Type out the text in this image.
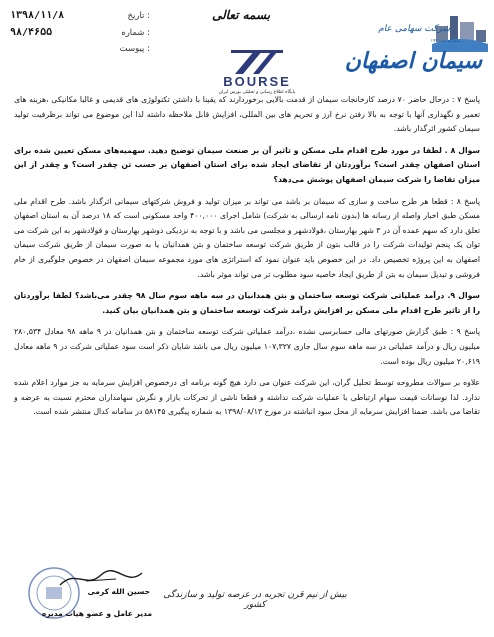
۱۳۹۸/۱۱/۸	تاریخ :
۹۸/۴۶۵۵	شماره :
پیوست :
بسمه تعالی
BOURSE
پایگاه اطلاع رسانی و تحلیلی بورس ایران
شرکت سهامی عام
شماره ثبت ۱۹۴
سیمان اصفهان

پاسخ ۷ : درحال حاضر ۷۰ درصد کارخانجات سیمان از قدمت بالایی برخوردارند که یقینا با داشتن تکنولوژی های قدیمی و غالبا مکانیکی ،هزینه های تعمیر و نگهداری آنها با توجه به بالا رفتن نرخ ارز و تحریم های بین المللی، افزایش قابل ملاحظه داشته لذا این موضوع می تواند برظرفیت تولید سیمان کشور اثرگذار باشد.

سوال ۸ . لطفا در مورد طرح اقدام ملی مسکن و تاثیر آن بر صنعت سیمان توضیح دهید. سهمیه‌های مسکن تعیین شده برای استان اصفهان چقدر است؟ برآوردتان از تقاضای ایجاد شده برای استان اصفهان بر حسب تن چقدر است؟ و چقدر از این میزان تقاضا را شرکت سیمان اصفهان پوشش می‌دهد؟

پاسخ ۸ : قطعا هر طرح ساخت و سازی که سیمان بر باشد می تواند بر میزان تولید و فروش شرکتهای سیمانی اثرگذار باشد. طرح اقدام ملی مسکن طبق اخبار واصله از رسانه ها (بدون نامه ارسالی به شرکت) شامل اجرای ۴۰۰,۰۰۰ واحد مسکونی است که ۱۸ درصد آن به استان اصفهان تعلق دارد که سهم عمده آن در ۳ شهر بهارستان ،فولادشهر و مجلسی می باشد و با توجه به نزدیکی دوشهر بهارستان و فولادشهر به این شرکت می توان یک پنجم تولیدات شرکت را در قالب بتون از طریق شرکت توسعه ساختمان و بتن همدانیان یا به صورت سیمان از طریق شرکت سیمان اصفهان به این پروژه تخصیص داد. در این خصوص باید عنوان نمود که استراتژی های مورد مجموعه سیمان اصفهان در خصوص جلوگیری از خام فروشی و تبدیل سیمان به بتن از طریق ایجاد خاصیه سود مطلوب تر می تواند موثر باشد.

سوال ۹. درآمد عملیاتی شرکت توسعه ساختمان و بتن همدانیان در سه ماهه سوم سال ۹۸ چقدر می‌باشد؟ لطفا برآوردتان را از تاثیر طرح اقدام ملی مسکن بر افزایش درآمد شرکت توسعه ساختمان و بتن همدانیان بیان کنید.

پاسخ ۹ : طبق گزارش صورتهای مالی حسابرسی نشده ،درآمد عملیاتی شرکت توسعه ساختمان و بتن همدانیان در ۹ ماهه ۹۸ معادل ۲۸۰,۵۳۴ میلیون ریال و درآمد عملیاتی در سه ماهه سوم سال جاری ۱۰۷,۳۲۷ میلیون ریال می باشد شایان ذکر است سود عملیاتی شرکت در ۹ ماهه معادل ۲۰,۶۱۹ میلیون ریال بوده است.

علاوه بر سوالات مطروحه توسط تحلیل گران، این شرکت عنوان می دارد هیچ گونه برنامه ای درخصوص افزایش سرمایه به جز موارد اعلام شده ندارد. لذا نوسانات قیمت سهام ارتباطی با عملیات شرکت نداشته و قطعا ناشی از تحرکات بازار و نگرش سهامداران محترم نسبت به عرضه و تقاضا می باشد. ضمنا افزایش سرمایه از محل سود انباشته در مورخ ۱۳۹۸/۰۸/۱۳ به شماره پیگیری ۵۸۱۴۵ در سامانه کدال منتشر شده است.

حسین الله کرمی
مدیر عامل و عضو هیات مدیره
بیش از نیم قرن تجربه در عرصه تولید و سازندگی کشور
